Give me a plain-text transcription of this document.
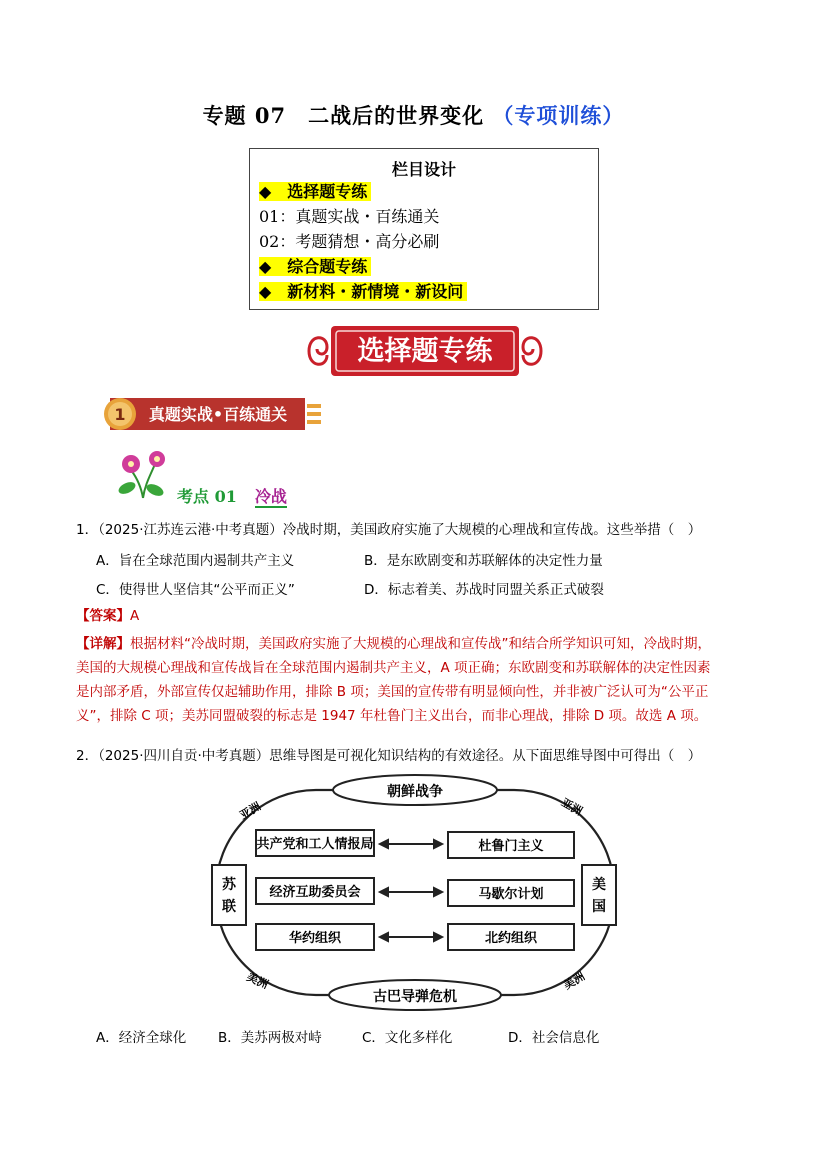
专题 07　二战后的世界变化 （专项训练）
栏目设计
◆　选择题专练
01：真题实战・百练通关
02：考题猜想・高分必刷
◆　综合题专练
◆　新材料・新情境・新设问
选择题专练
1 真题实战•百练通关
考点 01 冷战
1．（2025·江苏连云港·中考真题）冷战时期，美国政府实施了大规模的心理战和宣传战。这些举措（　）
A．旨在全球范围内遏制共产主义	B．是东欧剧变和苏联解体的决定性力量
C．使得世人坚信其“公平而正义”	D．标志着美、苏战时同盟关系正式破裂
【答案】A
【详解】根据材料“冷战时期，美国政府实施了大规模的心理战和宣传战”和结合所学知识可知，冷战时期，
美国的大规模心理战和宣传战旨在全球范围内遏制共产主义，A 项正确；东欧剧变和苏联解体的决定性因素
是内部矛盾，外部宣传仅起辅助作用，排除 B 项；美国的宣传带有明显倾向性，并非被广泛认可为“公平正
义”，排除 C 项；美苏同盟破裂的标志是 1947 年杜鲁门主义出台，而非心理战，排除 D 项。故选 A 项。
2．（2025·四川自贡·中考真题）思维导图是可视化知识结构的有效途径。从下面思维导图中可得出（　）
朝鲜战争
古巴导弹危机
苏
联
美
国
亚洲	亚洲
美洲	美洲
共产党和工人情报局	杜鲁门主义
经济互助委员会	马歇尔计划
华约组织	北约组织
A．经济全球化 B．美苏两极对峙	C．文化多样化	D．社会信息化
